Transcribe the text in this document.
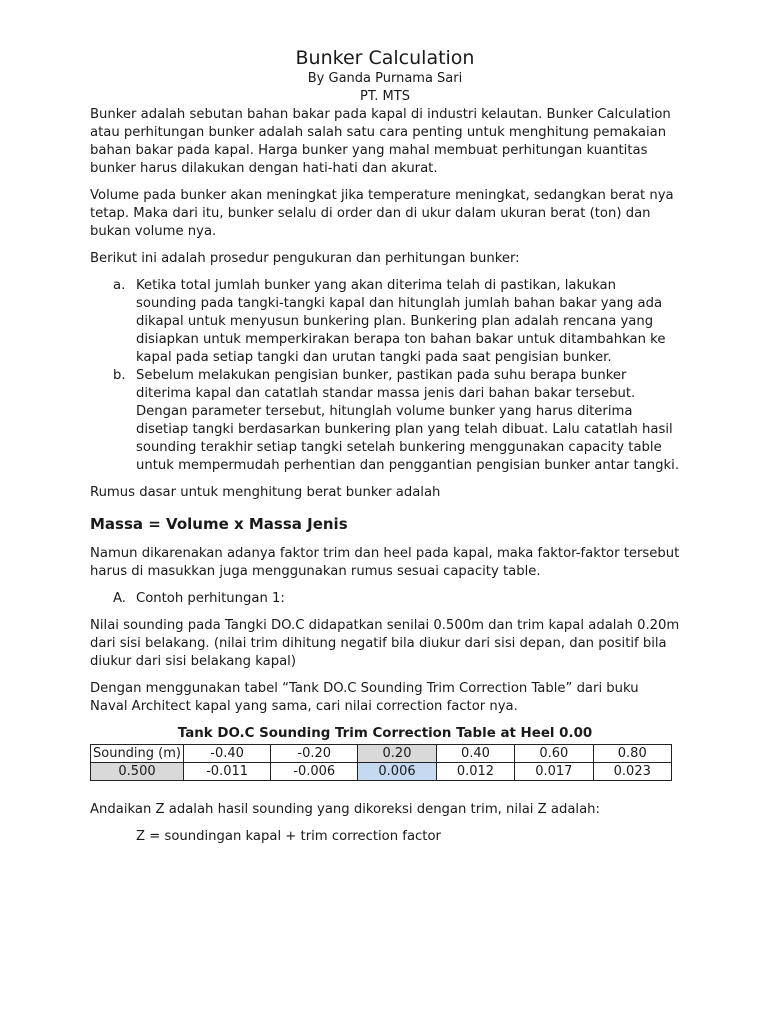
Bunker Calculation

By Ganda Purnama Sari

PT. MTS

Bunker adalah sebutan bahan bakar pada kapal di industri kelautan. Bunker Calculation atau perhitungan bunker adalah salah satu cara penting untuk menghitung pemakaian bahan bakar pada kapal. Harga bunker yang mahal membuat perhitungan kuantitas bunker harus dilakukan dengan hati-hati dan akurat.

Volume pada bunker akan meningkat jika temperature meningkat, sedangkan berat nya tetap. Maka dari itu, bunker selalu di order dan di ukur dalam ukuran berat (ton) dan bukan volume nya.

Berikut ini adalah prosedur pengukuran dan perhitungan bunker:

a. Ketika total jumlah bunker yang akan diterima telah di pastikan, lakukan sounding pada tangki-tangki kapal dan hitunglah jumlah bahan bakar yang ada dikapal untuk menyusun bunkering plan. Bunkering plan adalah rencana yang disiapkan untuk memperkirakan berapa ton bahan bakar untuk ditambahkan ke kapal pada setiap tangki dan urutan tangki pada saat pengisian bunker.
b. Sebelum melakukan pengisian bunker, pastikan pada suhu berapa bunker diterima kapal dan catatlah standar massa jenis dari bahan bakar tersebut. Dengan parameter tersebut, hitunglah volume bunker yang harus diterima disetiap tangki berdasarkan bunkering plan yang telah dibuat. Lalu catatlah hasil sounding terakhir setiap tangki setelah bunkering menggunakan capacity table untuk mempermudah perhentian dan penggantian pengisian bunker antar tangki.

Rumus dasar untuk menghitung berat bunker adalah

Massa = Volume x Massa Jenis

Namun dikarenakan adanya faktor trim dan heel pada kapal, maka faktor-faktor tersebut harus di masukkan juga menggunakan rumus sesuai capacity table.

A. Contoh perhitungan 1:

Nilai sounding pada Tangki DO.C didapatkan senilai 0.500m dan trim kapal adalah 0.20m dari sisi belakang. (nilai trim dihitung negatif bila diukur dari sisi depan, dan positif bila diukur dari sisi belakang kapal)

Dengan menggunakan tabel “Tank DO.C Sounding Trim Correction Table” dari buku Naval Architect kapal yang sama, cari nilai correction factor nya.

Tank DO.C Sounding Trim Correction Table at Heel 0.00
Sounding (m)	-0.40	-0.20	0.20	0.40	0.60	0.80
0.500	-0.011	-0.006	0.006	0.012	0.017	0.023

Andaikan Z adalah hasil sounding yang dikoreksi dengan trim, nilai Z adalah:

Z = soundingan kapal + trim correction factor
